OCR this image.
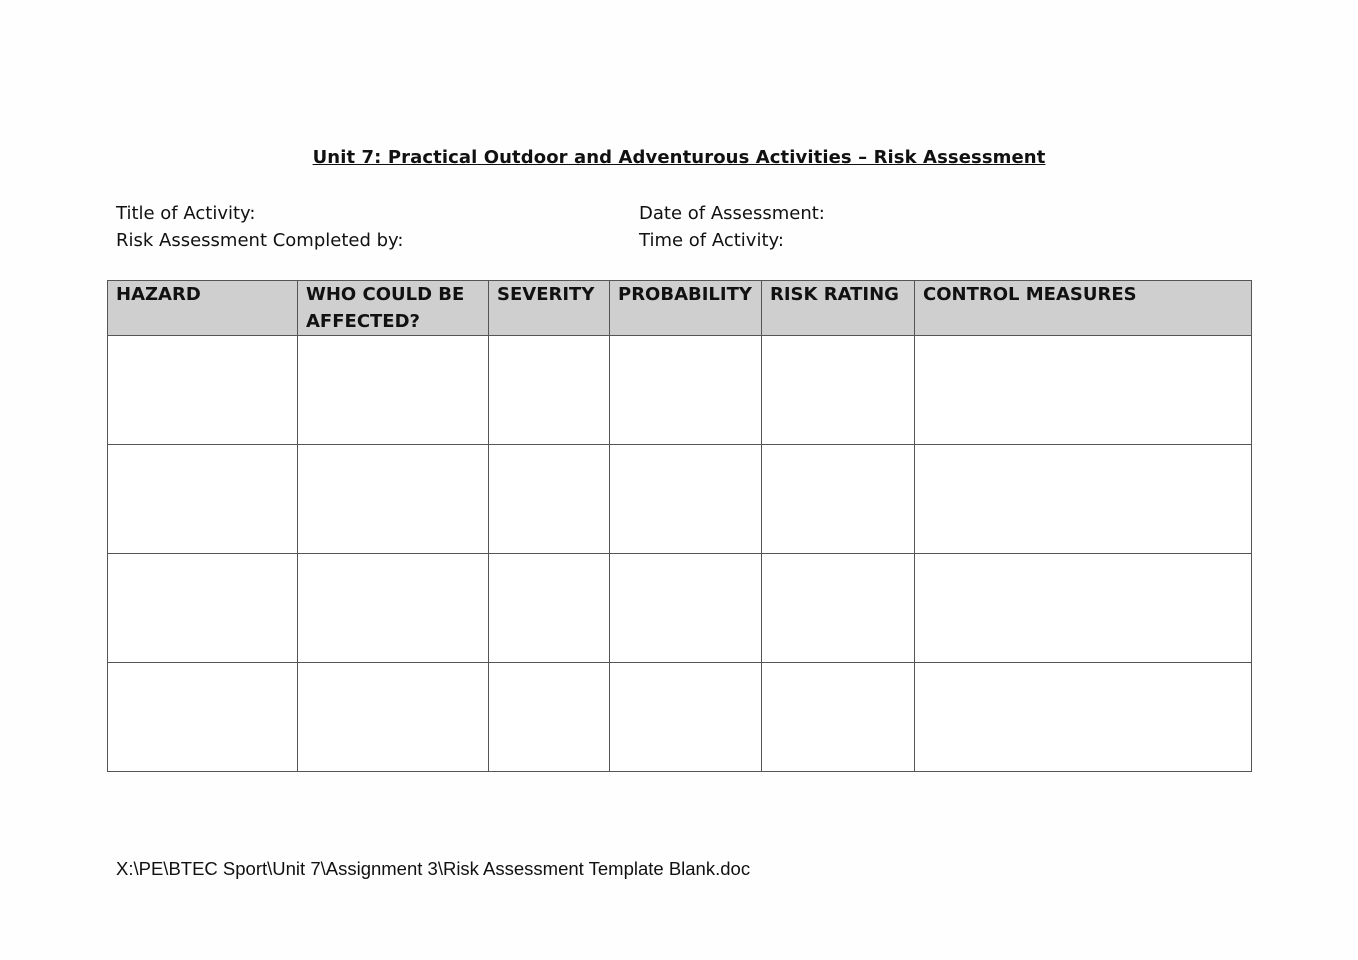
Unit 7: Practical Outdoor and Adventurous Activities – Risk Assessment
Title of Activity:
Risk Assessment Completed by:
Date of Assessment:
Time of Activity:
HAZARD	WHO COULD BE AFFECTED?	SEVERITY	PROBABILITY	RISK RATING	CONTROL MEASURES

X:\PE\BTEC Sport\Unit 7\Assignment 3\Risk Assessment Template Blank.doc
